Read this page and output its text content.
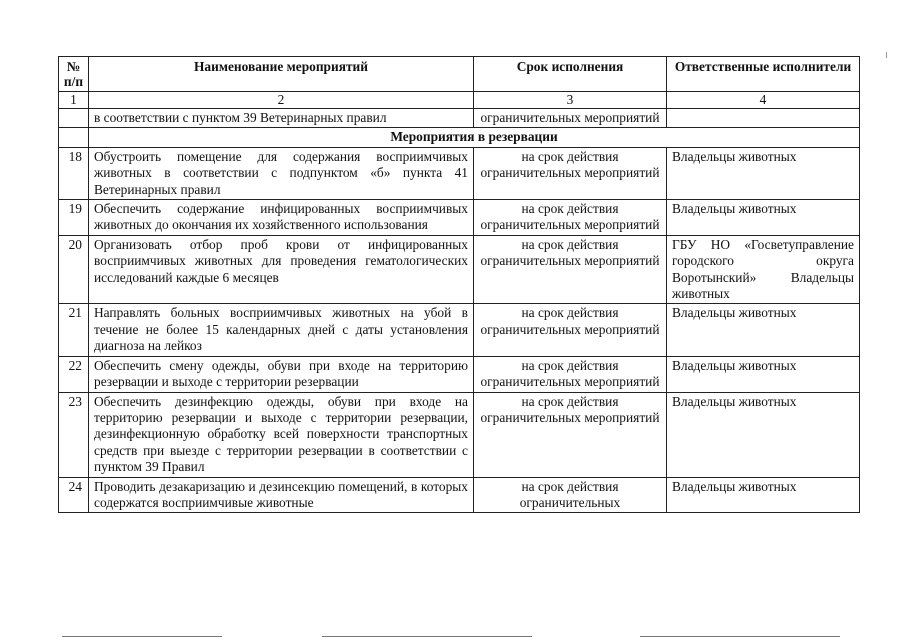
№ п/п	Наименование мероприятий	Срок исполнения	Ответственные исполнители
1	2	3	4
	в соответствии с пунктом 39 Ветеринарных правил	ограничительных мероприятий	
	Мероприятия в резервации		
18	Обустроить помещение для содержания восприимчивых животных в соответствии с подпунктом «б» пункта 41 Ветеринарных правил	на срок действия ограничительных мероприятий	Владельцы животных
19	Обеспечить содержание инфицированных восприимчивых животных до окончания их хозяйственного использования	на срок действия ограничительных мероприятий	Владельцы животных
20	Организовать отбор проб крови от инфицированных восприимчивых животных для проведения гематологических исследований каждые 6 месяцев	на срок действия ограничительных мероприятий	ГБУ НО «Госветуправление городского округа Воротынский» Владельцы животных
21	Направлять больных восприимчивых животных на убой в течение не более 15 календарных дней с даты установления диагноза на лейкоз	на срок действия ограничительных мероприятий	Владельцы животных
22	Обеспечить смену одежды, обуви при входе на территорию резервации и выходе с территории резервации	на срок действия ограничительных мероприятий	Владельцы животных
23	Обеспечить дезинфекцию одежды, обуви при входе на территорию резервации и выходе с территории резервации, дезинфекционную обработку всей поверхности транспортных средств при выезде с территории резервации в соответствии с пунктом 39 Правил	на срок действия ограничительных мероприятий	Владельцы животных
24	Проводить дезакаризацию и дезинсекцию помещений, в которых содержатся восприимчивые животные	на срок действия ограничительных	Владельцы животных
